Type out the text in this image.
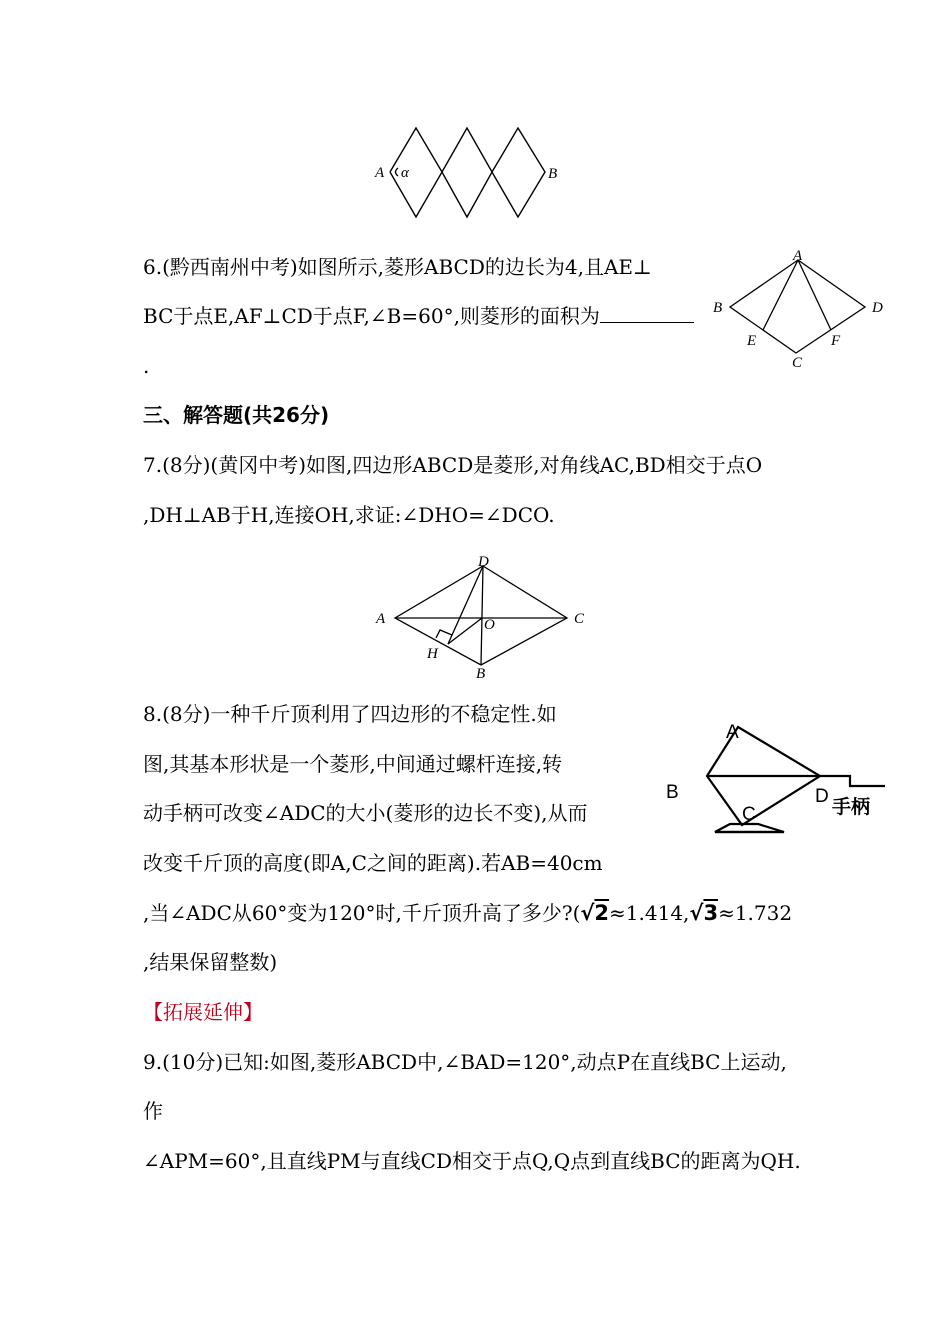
A α	B
6.(黔西南州中考)如图所示,菱形ABCD的边长为4,且AE⊥
BC于点E,AF⊥CD于点F,∠B=60°,则菱形的面积为
.
A
B
C
D
E	F
三、解答题(共26分)
7.(8分)(黄冈中考)如图,四边形ABCD是菱形,对角线AC,BD相交于点O
,DH⊥AB于H,连接OH,求证:∠DHO=∠DCO.
D
A	C
O
H
B
8.(8分)一种千斤顶利用了四边形的不稳定性.如
图,其基本形状是一个菱形,中间通过螺杆连接,转
动手柄可改变∠ADC的大小(菱形的边长不变),从而
改变千斤顶的高度(即A,C之间的距离).若AB=40cm
,当∠ADC从60°变为120°时,千斤顶升高了多少?(√2≈1.414,√3≈1.732
,结果保留整数)
A
B
C
D 手柄
【拓展延伸】
9.(10分)已知:如图,菱形ABCD中,∠BAD=120°,动点P在直线BC上运动,
作
∠APM=60°,且直线PM与直线CD相交于点Q,Q点到直线BC的距离为QH.
